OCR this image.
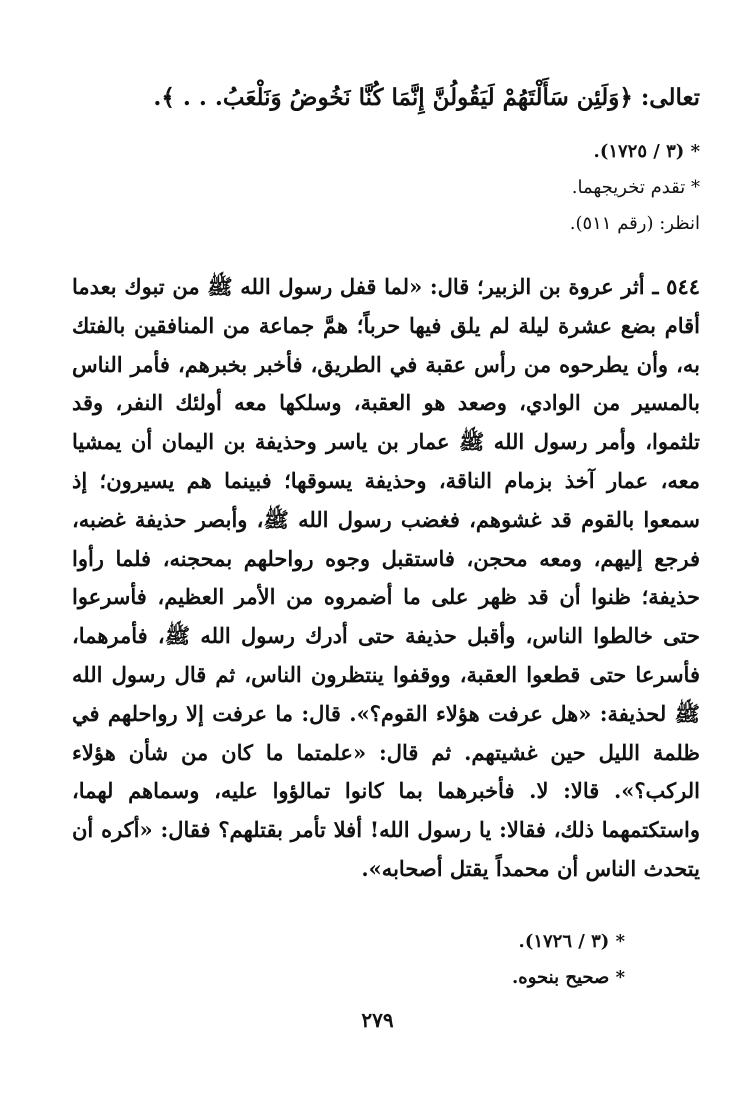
تعالى: ﴿وَلَئِن سَأَلْتَهُمْ لَيَقُولُنَّ إِنَّمَا كُنَّا نَخُوضُ وَنَلْعَبُ. . . ﴾.
* (٣ / ١٧٢٥).
* تقدم تخريجهما.
انظر: (رقم ٥١١).

٥٤٤ ـ أثر عروة بن الزبير؛ قال: «لما قفل رسول الله ﷺ من تبوك بعدما أقام بضع عشرة ليلة لم يلق فيها حرباً؛ همَّ جماعة من المنافقين بالفتك به، وأن يطرحوه من رأس عقبة في الطريق، فأخبر بخبرهم، فأمر الناس بالمسير من الوادي، وصعد هو العقبة، وسلكها معه أولئك النفر، وقد تلثموا، وأمر رسول الله ﷺ عمار بن ياسر وحذيفة بن اليمان أن يمشيا معه، عمار آخذ بزمام الناقة، وحذيفة يسوقها؛ فبينما هم يسيرون؛ إذ سمعوا بالقوم قد غشوهم، فغضب رسول الله ﷺ، وأبصر حذيفة غضبه، فرجع إليهم، ومعه محجن، فاستقبل وجوه رواحلهم بمحجنه، فلما رأوا حذيفة؛ ظنوا أن قد ظهر على ما أضمروه من الأمر العظيم، فأسرعوا حتى خالطوا الناس، وأقبل حذيفة حتى أدرك رسول الله ﷺ، فأمرهما، فأسرعا حتى قطعوا العقبة، ووقفوا ينتظرون الناس، ثم قال رسول الله ﷺ لحذيفة: «هل عرفت هؤلاء القوم؟». قال: ما عرفت إلا رواحلهم في ظلمة الليل حين غشيتهم. ثم قال: «علمتما ما كان من شأن هؤلاء الركب؟». قالا: لا. فأخبرهما بما كانوا تمالؤوا عليه، وسماهم لهما، واستكتمهما ذلك، فقالا: يا رسول الله! أفلا تأمر بقتلهم؟ فقال: «أكره أن يتحدث الناس أن محمداً يقتل أصحابه».

* (٣ / ١٧٢٦).
* صحيح بنحوه.
٢٧٩
